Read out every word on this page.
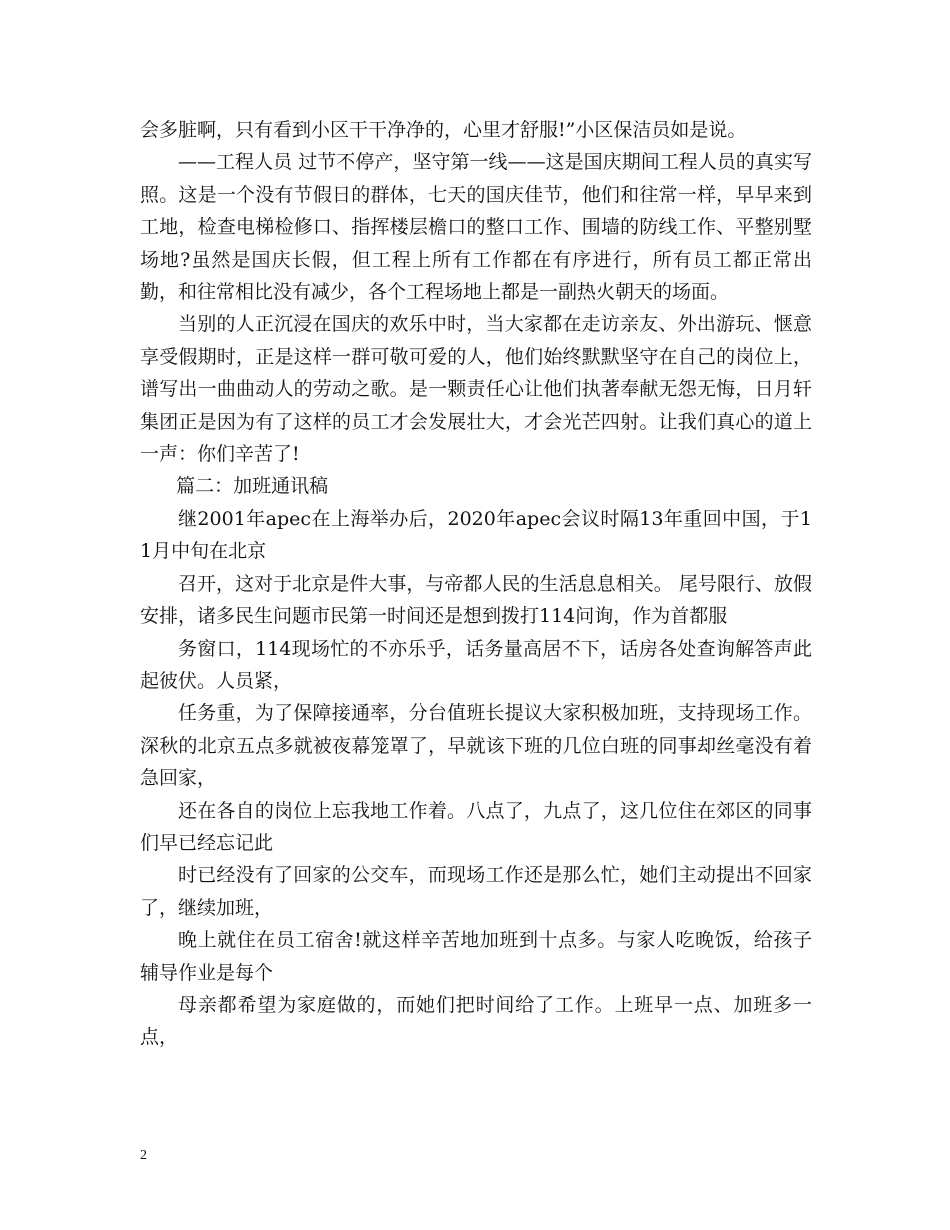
会多脏啊，只有看到小区干干净净的，心里才舒服!”小区保洁员如是说。

——工程人员 过节不停产，坚守第一线——这是国庆期间工程人员的真实写照。这是一个没有节假日的群体，七天的国庆佳节，他们和往常一样，早早来到工地，检查电梯检修口、指挥楼层檐口的整口工作、围墙的防线工作、平整别墅场地?虽然是国庆长假，但工程上所有工作都在有序进行，所有员工都正常出勤，和往常相比没有减少，各个工程场地上都是一副热火朝天的场面。

当别的人正沉浸在国庆的欢乐中时，当大家都在走访亲友、外出游玩、惬意享受假期时，正是这样一群可敬可爱的人，他们始终默默坚守在自己的岗位上，谱写出一曲曲动人的劳动之歌。是一颗责任心让他们执著奉献无怨无悔，日月轩集团正是因为有了这样的员工才会发展壮大，才会光芒四射。让我们真心的道上一声：你们辛苦了!

篇二：加班通讯稿

继2001年apec在上海举办后，2020年apec会议时隔13年重回中国，于11月中旬在北京

召开，这对于北京是件大事，与帝都人民的生活息息相关。 尾号限行、放假安排，诸多民生问题市民第一时间还是想到拨打114问询，作为首都服

务窗口，114现场忙的不亦乐乎，话务量高居不下，话房各处查询解答声此起彼伏。人员紧，

任务重，为了保障接通率，分台值班长提议大家积极加班，支持现场工作。深秋的北京五点多就被夜幕笼罩了，早就该下班的几位白班的同事却丝毫没有着急回家，

还在各自的岗位上忘我地工作着。八点了，九点了，这几位住在郊区的同事们早已经忘记此

时已经没有了回家的公交车，而现场工作还是那么忙，她们主动提出不回家了，继续加班，

晚上就住在员工宿舍!就这样辛苦地加班到十点多。与家人吃晚饭，给孩子辅导作业是每个

母亲都希望为家庭做的，而她们把时间给了工作。上班早一点、加班多一点，

2
